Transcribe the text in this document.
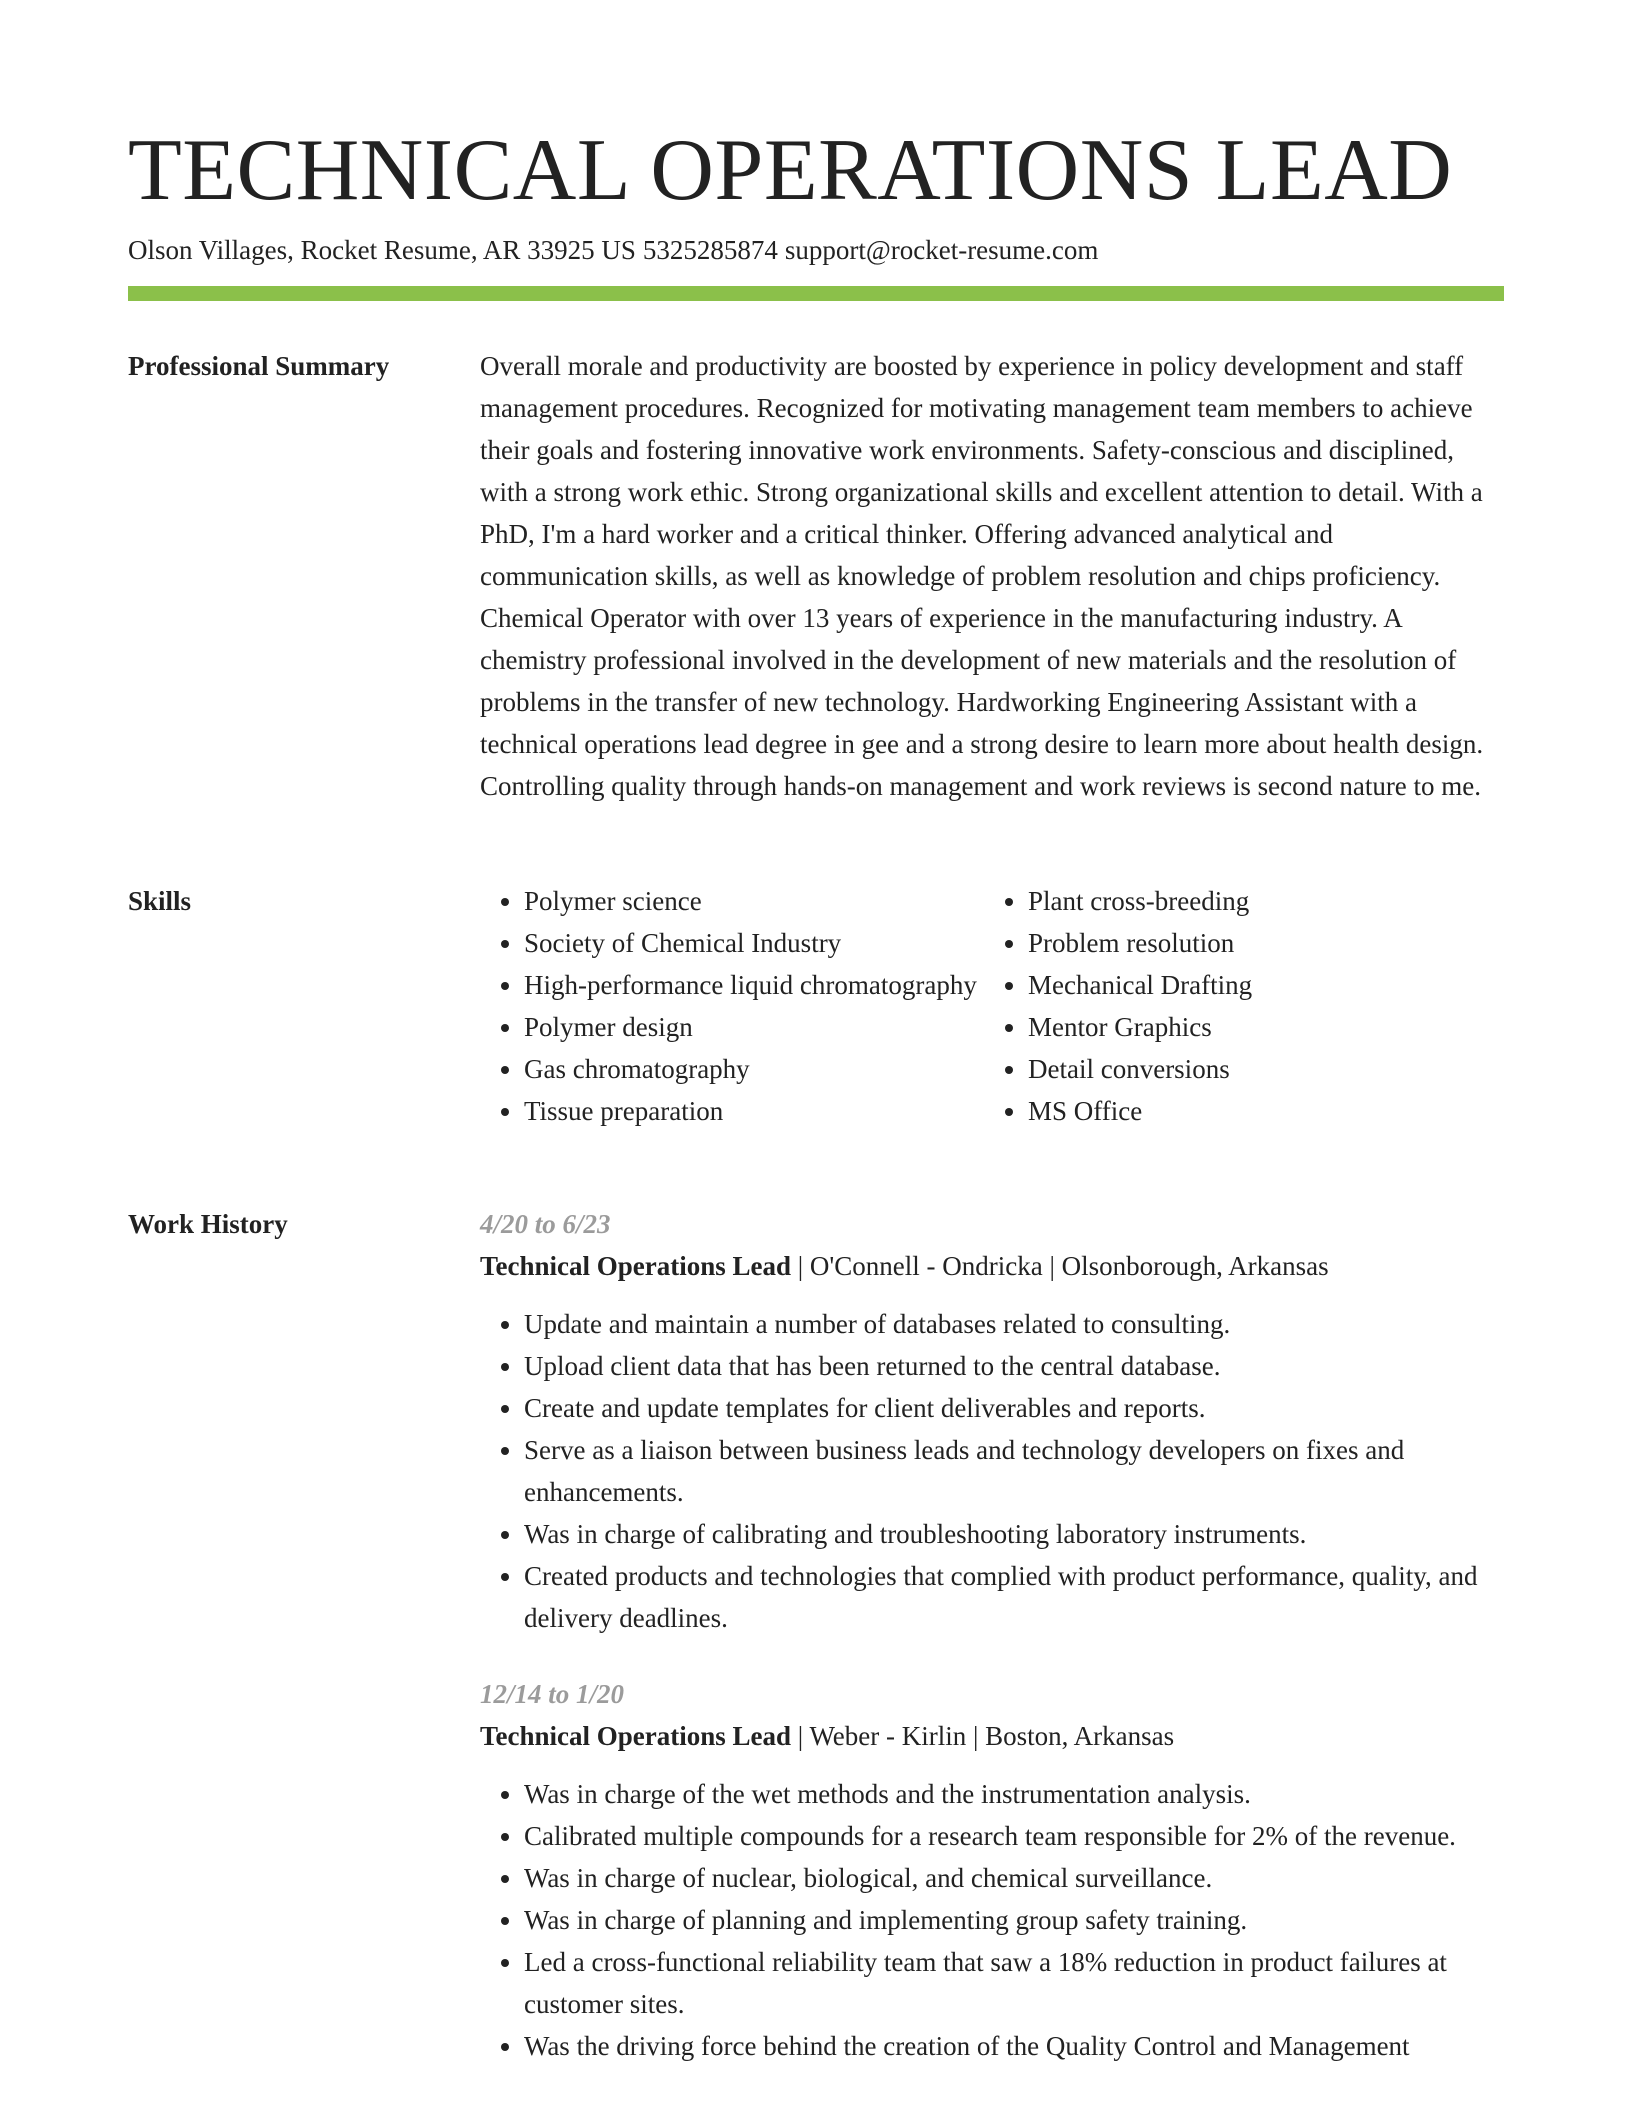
TECHNICAL OPERATIONS LEAD
Olson Villages, Rocket Resume, AR 33925 US 5325285874 support@rocket-resume.com
Professional Summary	Overall morale and productivity are boosted by experience in policy development and staff management procedures. Recognized for motivating management team members to achieve their goals and fostering innovative work environments. Safety-conscious and disciplined, with a strong work ethic. Strong organizational skills and excellent attention to detail. With a PhD, I'm a hard worker and a critical thinker. Offering advanced analytical and communication skills, as well as knowledge of problem resolution and chips proficiency. Chemical Operator with over 13 years of experience in the manufacturing industry. A chemistry professional involved in the development of new materials and the resolution of problems in the transfer of new technology. Hardworking Engineering Assistant with a technical operations lead degree in gee and a strong desire to learn more about health design. Controlling quality through hands-on management and work reviews is second nature to me.

Skills
•	Polymer science
• Society of Chemical Industry
• High-performance liquid chromatography
• Polymer design
• Gas chromatography
• Tissue preparation
• Plant cross-breeding
• Problem resolution
• Mechanical Drafting
• Mentor Graphics
• Detail conversions
• MS Office
Work History	4/20 to 6/23
Technical Operations Lead | O'Connell - Ondricka | Olsonborough, Arkansas
• Update and maintain a number of databases related to consulting.
• Upload client data that has been returned to the central database.
• Create and update templates for client deliverables and reports.
• Serve as a liaison between business leads and technology developers on fixes and enhancements.
• Was in charge of calibrating and troubleshooting laboratory instruments.
• Created products and technologies that complied with product performance, quality, and delivery deadlines.
12/14 to 1/20
Technical Operations Lead | Weber - Kirlin | Boston, Arkansas
• Was in charge of the wet methods and the instrumentation analysis.
• Calibrated multiple compounds for a research team responsible for 2% of the revenue.
• Was in charge of nuclear, biological, and chemical surveillance.
• Was in charge of planning and implementing group safety training.
• Led a cross-functional reliability team that saw a 18% reduction in product failures at customer sites.
• Was the driving force behind the creation of the Quality Control and Management
